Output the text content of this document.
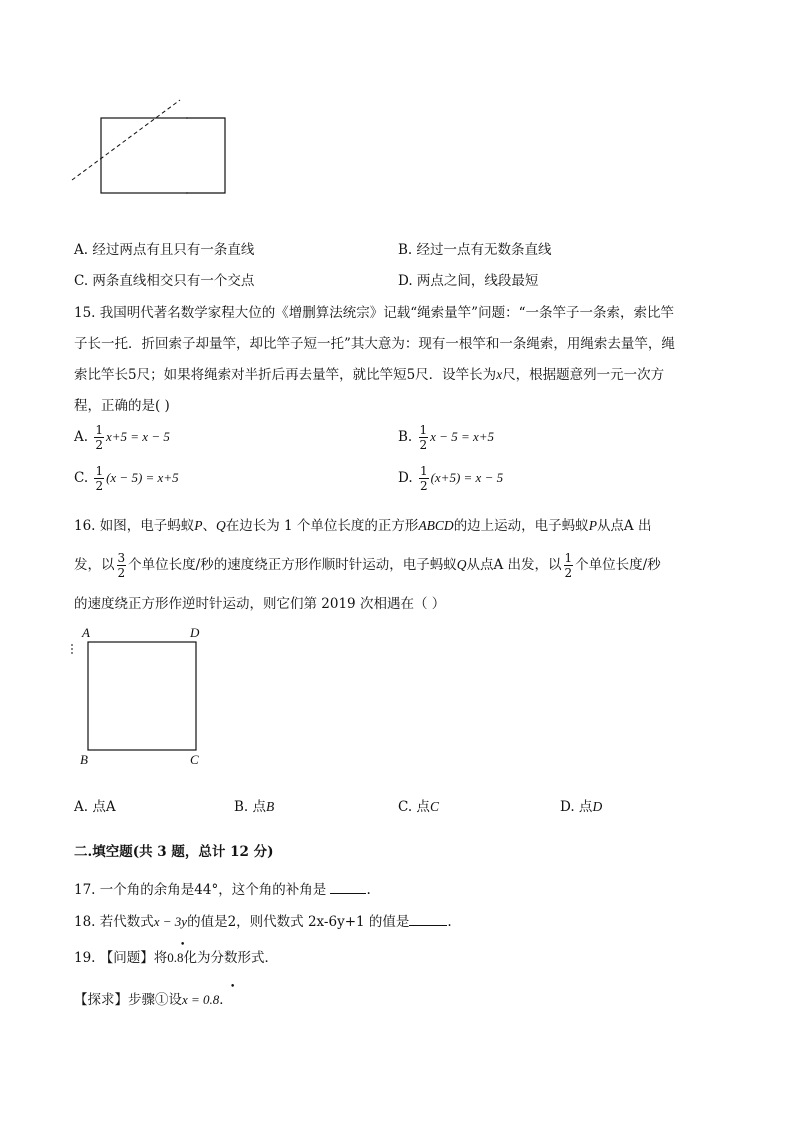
A. 经过两点有且只有一条直线	B. 经过一点有无数条直线
C. 两条直线相交只有一个交点	D. 两点之间，线段最短
15. 我国明代著名数学家程大位的《增删算法统宗》记载“绳索量竿”问题：“一条竿子一条索，索比竿
子长一托．折回索子却量竿，却比竿子短一托”其大意为：现有一根竿和一条绳索，用绳索去量竿，绳
索比竿长5尺；如果将绳索对半折后再去量竿，就比竿短5尺．设竿长为x尺，根据题意列一元一次方
程，正确的是( )
A. $\frac{1}{2} x+5 = x - 5$	B. $\frac{1}{2}$ x − 5 = x+5
C. $\frac{1}{2} (x - 5) = x+5$	D. $\frac{1}{2} (x+5) = x - 5$
16. 如图，电子蚂蚁P、Q在边长为 1 个单位长度的正方形ABCD的边上运动，电子蚂蚁P从点A 出
发，以 $\frac{3}{2}$ 个单位长度/秒的速度绕正方形作顺时针运动，电子蚂蚁Q从点A 出发，以 $\frac{1}{2}$ 个单位长度/秒
的速度绕正方形作逆时针运动，则它们第 2019 次相遇在（ ）
A	D
B	C
A. 点A	B. 点B	C. 点C	D. 点D
二.填空题(共 3 题，总计 12 分)
17. 一个角的余角是44°，这个角的补角是	.
18. 若代数式x − 3y的值是2，则代数式 2x-6y+1 的值是	.
19. 【问题】将0.8化为分数形式．
•
【探求】步骤①设x = 0.8．
•
